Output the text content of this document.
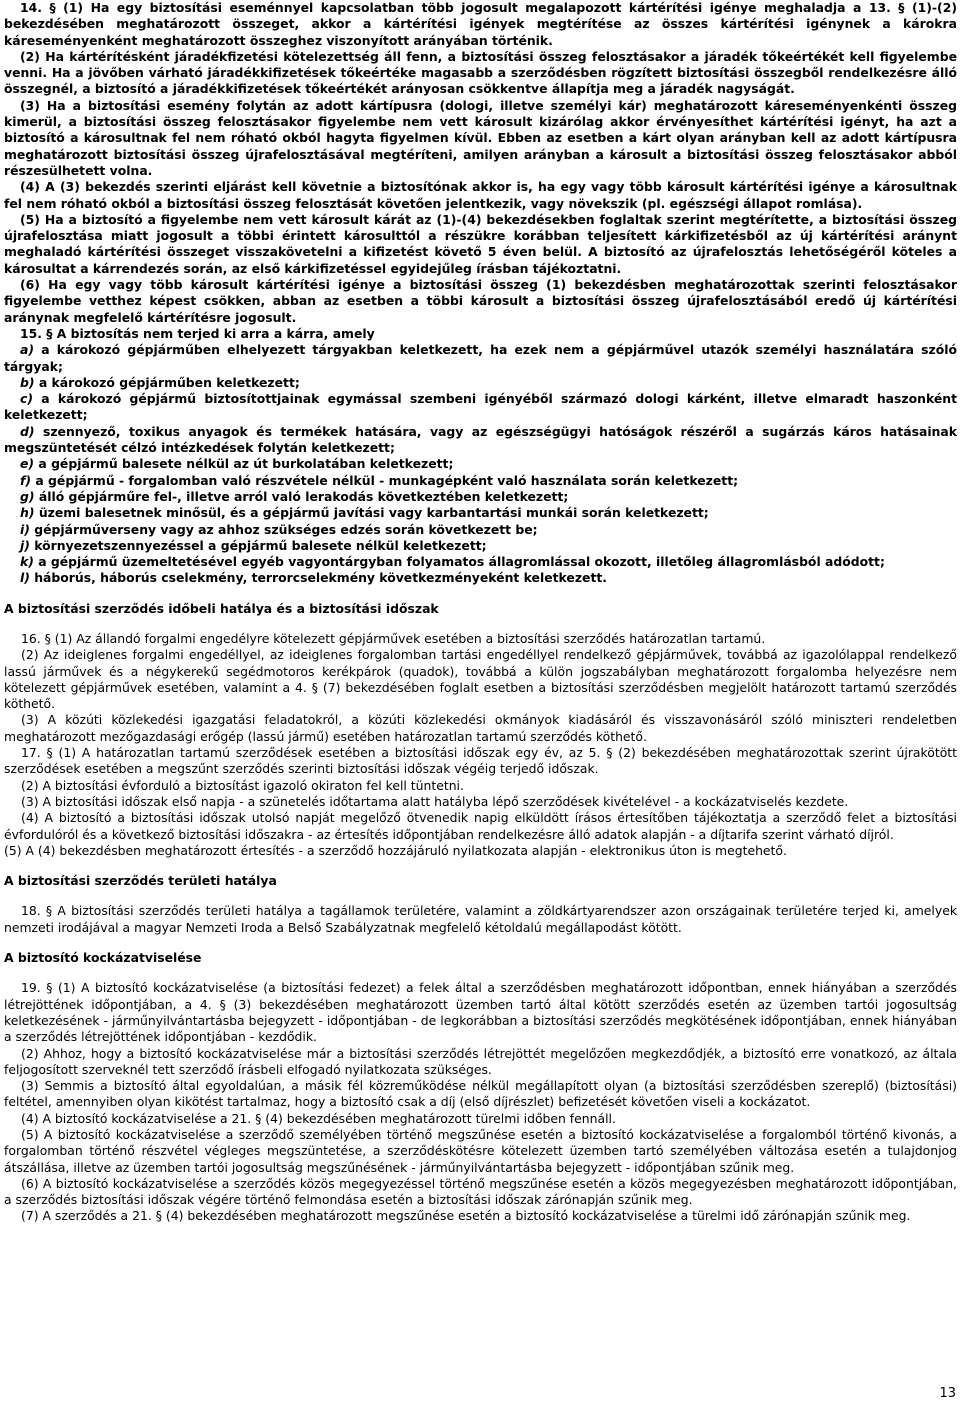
14. § (1) Ha egy biztosítási eseménnyel kapcsolatban több jogosult megalapozott kártérítési igénye meghaladja a 13. § (1)-(2) bekezdésében meghatározott összeget, akkor a kártérítési igények megtérítése az összes kártérítési igénynek a károkra káreseményenként meghatározott összeghez viszonyított arányában történik.

(2) Ha kártérítésként járadékfizetési kötelezettség áll fenn, a biztosítási összeg felosztásakor a járadék tőkeértékét kell figyelembe venni. Ha a jövőben várható járadékkifizetések tőkeértéke magasabb a szerződésben rögzített biztosítási összegből rendelkezésre álló összegnél, a biztosító a járadékkifizetések tőkeértékét arányosan csökkentve állapítja meg a járadék nagyságát.

(3) Ha a biztosítási esemény folytán az adott kártípusra (dologi, illetve személyi kár) meghatározott káreseményenkénti összeg kimerül, a biztosítási összeg felosztásakor figyelembe nem vett károsult kizárólag akkor érvényesíthet kártérítési igényt, ha azt a biztosító a károsultnak fel nem róható okból hagyta figyelmen kívül. Ebben az esetben a kárt olyan arányban kell az adott kártípusra meghatározott biztosítási összeg újrafelosztásával megtéríteni, amilyen arányban a károsult a biztosítási összeg felosztásakor abból részesülhetett volna.

(4) A (3) bekezdés szerinti eljárást kell követnie a biztosítónak akkor is, ha egy vagy több károsult kártérítési igénye a károsultnak fel nem róható okból a biztosítási összeg felosztását követően jelentkezik, vagy növekszik (pl. egészségi állapot romlása).

(5) Ha a biztosító a figyelembe nem vett károsult kárát az (1)-(4) bekezdésekben foglaltak szerint megtérítette, a biztosítási összeg újrafelosztása miatt jogosult a többi érintett károsulttól a részükre korábban teljesített kárkifizetésből az új kártérítési aránynt meghaladó kártérítési összeget visszakövetelni a kifizetést követő 5 éven belül. A biztosító az újrafelosztás lehetőségéről köteles a károsultat a kárrendezés során, az első kárkifizetéssel egyidejűleg írásban tájékoztatni.

(6) Ha egy vagy több károsult kártérítési igénye a biztosítási összeg (1) bekezdésben meghatározottak szerinti felosztásakor figyelembe vetthez képest csökken, abban az esetben a többi károsult a biztosítási összeg újrafelosztásából eredő új kártérítési aránynak megfelelő kártérítésre jogosult.

15. § A biztosítás nem terjed ki arra a kárra, amely

a) a károkozó gépjárműben elhelyezett tárgyakban keletkezett, ha ezek nem a gépjárművel utazók személyi használatára szóló tárgyak;

b) a károkozó gépjárműben keletkezett;

c) a károkozó gépjármű biztosítottjainak egymással szembeni igényéből származó dologi kárként, illetve elmaradt haszonként keletkezett;

d) szennyező, toxikus anyagok és termékek hatására, vagy az egészségügyi hatóságok részéről a sugárzás káros hatásainak megszüntetését célzó intézkedések folytán keletkezett;

e) a gépjármű balesete nélkül az út burkolatában keletkezett;

f) a gépjármű - forgalomban való részvétele nélkül - munkagépként való használata során keletkezett;

g) álló gépjárműre fel-, illetve arról való lerakodás következtében keletkezett;

h) üzemi balesetnek minősül, és a gépjármű javítási vagy karbantartási munkái során keletkezett;

i) gépjárműverseny vagy az ahhoz szükséges edzés során következett be;

j) környezetszennyezéssel a gépjármű balesete nélkül keletkezett;

k) a gépjármű üzemeltetésével egyéb vagyontárgyban folyamatos állagromlással okozott, illetőleg állagromlásból adódott;

l) háborús, háborús cselekmény, terrorcselekmény következményeként keletkezett.

A biztosítási szerződés időbeli hatálya és a biztosítási időszak

16. § (1) Az állandó forgalmi engedélyre kötelezett gépjárművek esetében a biztosítási szerződés határozatlan tartamú.

(2) Az ideiglenes forgalmi engedéllyel, az ideiglenes forgalomban tartási engedéllyel rendelkező gépjárművek, továbbá az igazolólappal rendelkező lassú járművek és a négykerekű segédmotoros kerékpárok (quadok), továbbá a külön jogszabályban meghatározott forgalomba helyezésre nem kötelezett gépjárművek esetében, valamint a 4. § (7) bekezdésében foglalt esetben a biztosítási szerződésben megjelölt határozott tartamú szerződés köthető.

(3) A közúti közlekedési igazgatási feladatokról, a közúti közlekedési okmányok kiadásáról és visszavonásáról szóló miniszteri rendeletben meghatározott mezőgazdasági erőgép (lassú jármű) esetében határozatlan tartamú szerződés köthető.

17. § (1) A határozatlan tartamú szerződések esetében a biztosítási időszak egy év, az 5. § (2) bekezdésében meghatározottak szerint újrakötött szerződések esetében a megszűnt szerződés szerinti biztosítási időszak végéig terjedő időszak.

(2) A biztosítási évforduló a biztosítást igazoló okiraton fel kell tüntetni.

(3) A biztosítási időszak első napja - a szünetelés időtartama alatt hatályba lépő szerződések kivételével - a kockázatviselés kezdete.

(4) A biztosító a biztosítási időszak utolsó napját megelőző ötvenedik napig elküldött írásos értesítőben tájékoztatja a szerződő felet a biztosítási évfordulóról és a következő biztosítási időszakra - az értesítés időpontjában rendelkezésre álló adatok alapján - a díjtarifa szerint várható díjról.

(5) A (4) bekezdésben meghatározott értesítés - a szerződő hozzájáruló nyilatkozata alapján - elektronikus úton is megtehető.

A biztosítási szerződés területi hatálya

18. § A biztosítási szerződés területi hatálya a tagállamok területére, valamint a zöldkártyarendszer azon országainak területére terjed ki, amelyek nemzeti irodájával a magyar Nemzeti Iroda a Belső Szabályzatnak megfelelő kétoldalú megállapodást kötött.

A biztosító kockázatviselése

19. § (1) A biztosító kockázatviselése (a biztosítási fedezet) a felek által a szerződésben meghatározott időpontban, ennek hiányában a szerződés létrejöttének időpontjában, a 4. § (3) bekezdésében meghatározott üzemben tartó által kötött szerződés esetén az üzemben tartói jogosultság keletkezésének - járműnyilvántartásba bejegyzett - időpontjában - de legkorábban a biztosítási szerződés megkötésének időpontjában, ennek hiányában a szerződés létrejöttének időpontjában - kezdődik.

(2) Ahhoz, hogy a biztosító kockázatviselése már a biztosítási szerződés létrejöttét megelőzően megkezdődjék, a biztosító erre vonatkozó, az általa feljogosított szerveknél tett szerződő írásbeli elfogadó nyilatkozata szükséges.

(3) Semmis a biztosító által egyoldalúan, a másik fél közreműködése nélkül megállapított olyan (a biztosítási szerződésben szereplő) (biztosítási) feltétel, amennyiben olyan kikötést tartalmaz, hogy a biztosító csak a díj (első díjrészlet) befizetését követően viseli a kockázatot.

(4) A biztosító kockázatviselése a 21. § (4) bekezdésében meghatározott türelmi időben fennáll.

(5) A biztosító kockázatviselése a szerződő személyében történő megszűnése esetén a biztosító kockázatviselése a forgalomból történő kivonás, a forgalomban történő részvétel végleges megszüntetése, a szerződéskötésre kötelezett üzemben tartó személyében változása esetén a tulajdonjog átszállása, illetve az üzemben tartói jogosultság megszűnésének - járműnyilvántartásba bejegyzett - időpontjában szűnik meg.

(6) A biztosító kockázatviselése a szerződés közös megegyezéssel történő megszűnése esetén a közös megegyezésben meghatározott időpontjában, a szerződés biztosítási időszak végére történő felmondása esetén a biztosítási időszak zárónapján szűnik meg.

(7) A szerződés a 21. § (4) bekezdésében meghatározott megszűnése esetén a biztosító kockázatviselése a türelmi idő zárónapján szűnik meg.

13
